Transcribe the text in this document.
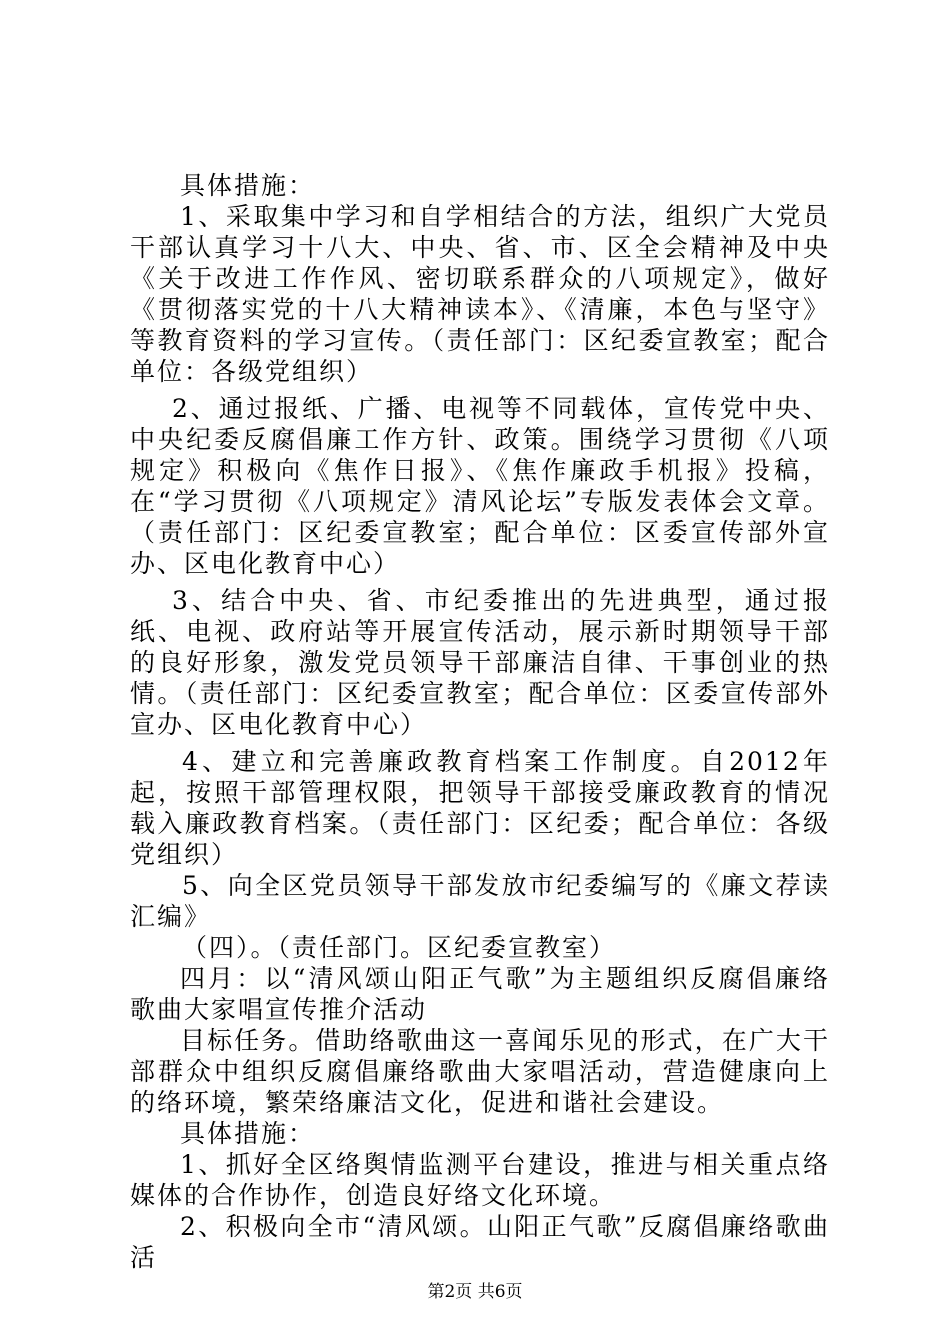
具体措施：

1、采取集中学习和自学相结合的方法，组织广大党员干部认真学习十八大、中央、省、市、区全会精神及中央《关于改进工作作风、密切联系群众的八项规定》，做好《贯彻落实党的十八大精神读本》、《清廉，本色与坚守》等教育资料的学习宣传。（责任部门：区纪委宣教室；配合单位：各级党组织）

2、通过报纸、广播、电视等不同载体，宣传党中央、中央纪委反腐倡廉工作方针、政策。围绕学习贯彻《八项规定》积极向《焦作日报》、《焦作廉政手机报》投稿，在“学习贯彻《八项规定》清风论坛”专版发表体会文章。（责任部门：区纪委宣教室；配合单位：区委宣传部外宣办、区电化教育中心）

3、结合中央、省、市纪委推出的先进典型，通过报纸、电视、政府站等开展宣传活动，展示新时期领导干部的良好形象，激发党员领导干部廉洁自律、干事创业的热情。（责任部门：区纪委宣教室；配合单位：区委宣传部外宣办、区电化教育中心）

4、建立和完善廉政教育档案工作制度。自2012年起，按照干部管理权限，把领导干部接受廉政教育的情况载入廉政教育档案。（责任部门：区纪委；配合单位：各级党组织）

5、向全区党员领导干部发放市纪委编写的《廉文荐读汇编》

（四）。（责任部门。区纪委宣教室）

四月：以“清风颂山阳正气歌”为主题组织反腐倡廉络歌曲大家唱宣传推介活动

目标任务。借助络歌曲这一喜闻乐见的形式，在广大干部群众中组织反腐倡廉络歌曲大家唱活动，营造健康向上的络环境，繁荣络廉洁文化，促进和谐社会建设。

具体措施：

1、抓好全区络舆情监测平台建设，推进与相关重点络媒体的合作协作，创造良好络文化环境。

2、积极向全市“清风颂。山阳正气歌”反腐倡廉络歌曲活

第2页 共6页
